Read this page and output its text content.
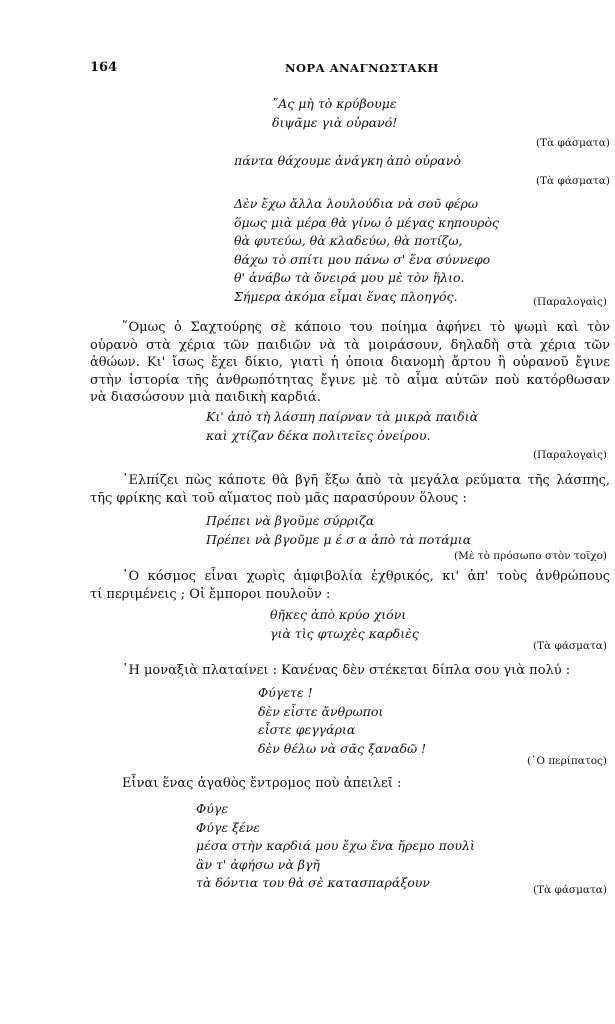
164	ΝΟΡΑ ΑΝΑΓΝΩΣΤΑΚΗ
῎Ας μὴ τὸ κρύβουμε
διψᾶμε γιὰ οὐρανό!
(Τὰ φάσματα)
πάντα θάχουμε ἀνάγκη ἀπὸ οὐρανὸ
(Τὰ φάσματα)
Δὲν ἔχω ἄλλα λουλούδια νὰ σοῦ φέρω
ὅμως μιὰ μέρα θὰ γίνω ὁ μέγας κηπουρὸς
θὰ φυτεύω, θὰ κλαδεύω, θὰ ποτίζω,
θάχω τὸ σπίτι μου πάνω σ' ἕνα σύννεφο
θ' ἀνάβω τὰ ὄνειρά μου μὲ τὸν ἥλιο.
Σήμερα ἀκόμα εἶμαι ἕνας πλοηγός.	(Παραλογαὶς)
῞Ομως ὁ Σαχτούρης σὲ κάποιο του ποίημα ἀφήνει τὸ ψωμὶ καὶ τὸν
οὐρανὸ στὰ χέρια τῶν παιδιῶν νὰ τὰ μοιράσουν, δηλαδὴ στὰ χέρια τῶν
ἀθώων. Κι' ἴσως ἔχει δίκιο, γιατὶ ἡ ὁποια διανομὴ ἄρτου ἢ οὐρανοῦ ἔγινε
στὴν ἱστορία τῆς ἀνθρωπότητας ἔγινε μὲ τὸ αἷμα αὐτῶν ποὺ κατόρθωσαν
νὰ διασώσουν μιὰ παιδικὴ καρδιά.
Κι' ἀπὸ τὴ λάσπη παίρναν τὰ μικρὰ παιδιὰ
καὶ χτίζαν δέκα πολιτεῖες ὀνείρου.
(Παραλογαὶς)
᾿Ελπίζει πὼς κάποτε θὰ βγῆ ἔξω ἀπὸ τὰ μεγάλα ρεύματα τῆς λάσπης,
τῆς φρίκης καὶ τοῦ αἵματος ποὺ μᾶς παρασύρουν ὅλους :
Πρέπει νὰ βγοῦμε σύρριζα
Πρέπει νὰ βγοῦμε μ έ σ α ἀπὸ τὰ ποτάμια
(Μὲ τὸ πρόσωπο στὸν τοῖχο)
῾Ο κόσμος εἶναι χωρὶς ἀμφιβολία ἐχθρικός, κι' ἀπ' τοὺς ἀνθρώπους
τί περιμένεις ; Οἱ ἔμποροι πουλοῦν :
θῆκες ἀπὸ κρύο χιόνι
γιὰ τὶς φτωχὲς καρδιὲς
(Τὰ φάσματα)
῾Η μοναξιὰ πλαταίνει : Κανένας δὲν στέκεται δίπλα σου γιὰ πολύ :
Φύγετε !
δὲν εἶστε ἄνθρωποι
εἶστε φεγγάρια
δὲν θέλω νὰ σᾶς ξαναδῶ !
(῾Ο περίπατος)
Εἶναι ἕνας ἀγαθὸς ἔντρομος ποὺ ἀπειλεῖ :
Φύγε
Φύγε ξένε
μέσα στὴν καρδιά μου ἔχω ἕνα ἤρεμο πουλὶ
ἂν τ' ἀφήσω νὰ βγῆ
τὰ δόντια του θὰ σὲ κατασπαράξουν	(Τὰ φάσματα)
